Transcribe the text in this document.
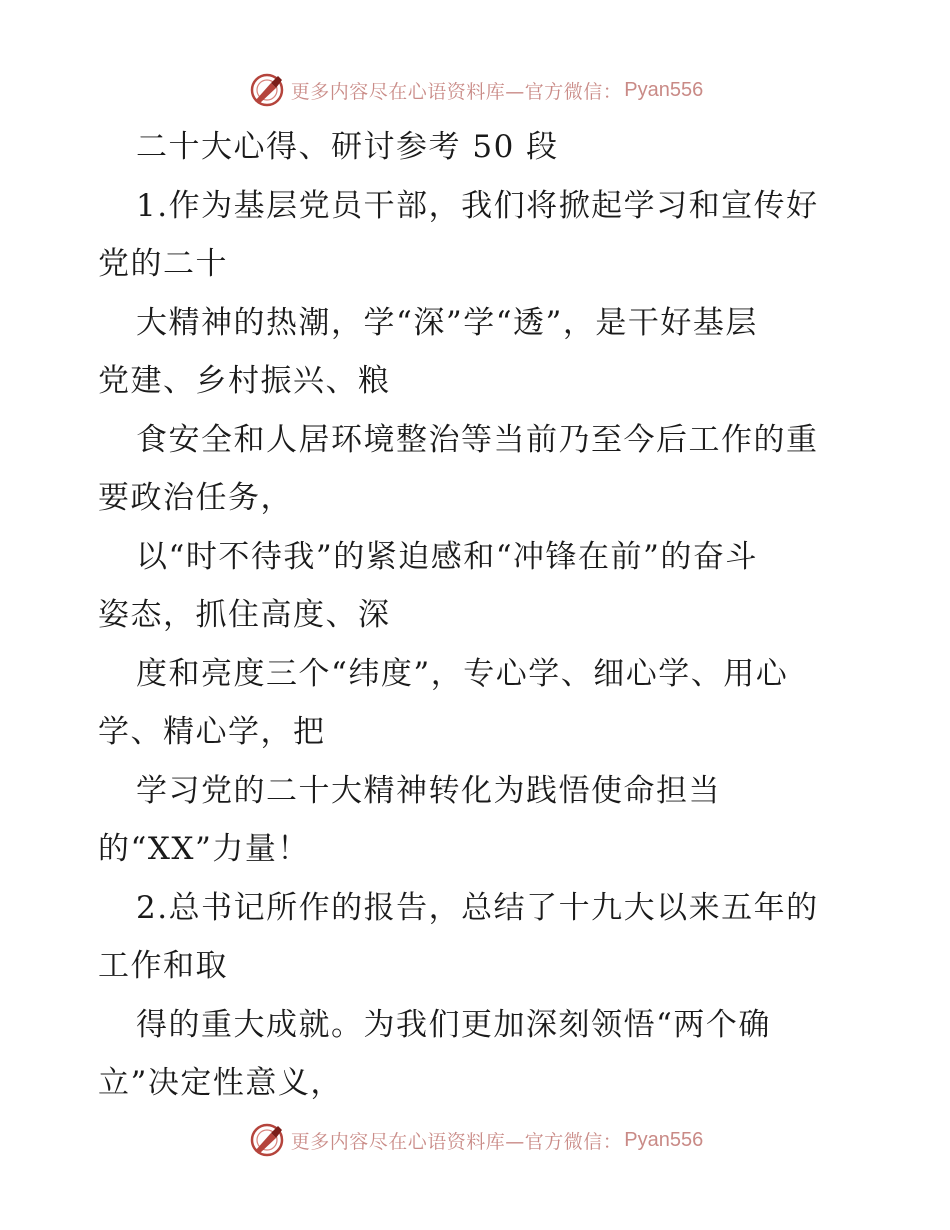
更多内容尽在心语资料库—官方微信： Pyan556
二十大心得、研讨参考 50 段
1.作为基层党员干部，我们将掀起学习和宣传好
党的二十
大精神的热潮，学“深”学“透”，是干好基层
党建、乡村振兴、粮
食安全和人居环境整治等当前乃至今后工作的重
要政治任务，
以“时不待我”的紧迫感和“冲锋在前”的奋斗
姿态，抓住高度、深
度和亮度三个“纬度”，专心学、细心学、用心
学、精心学，把
学习党的二十大精神转化为践悟使命担当
的“XX”力量！
2.总书记所作的报告，总结了十九大以来五年的
工作和取
得的重大成就。为我们更加深刻领悟“两个确
立”决定性意义，
更多内容尽在心语资料库—官方微信： Pyan556
